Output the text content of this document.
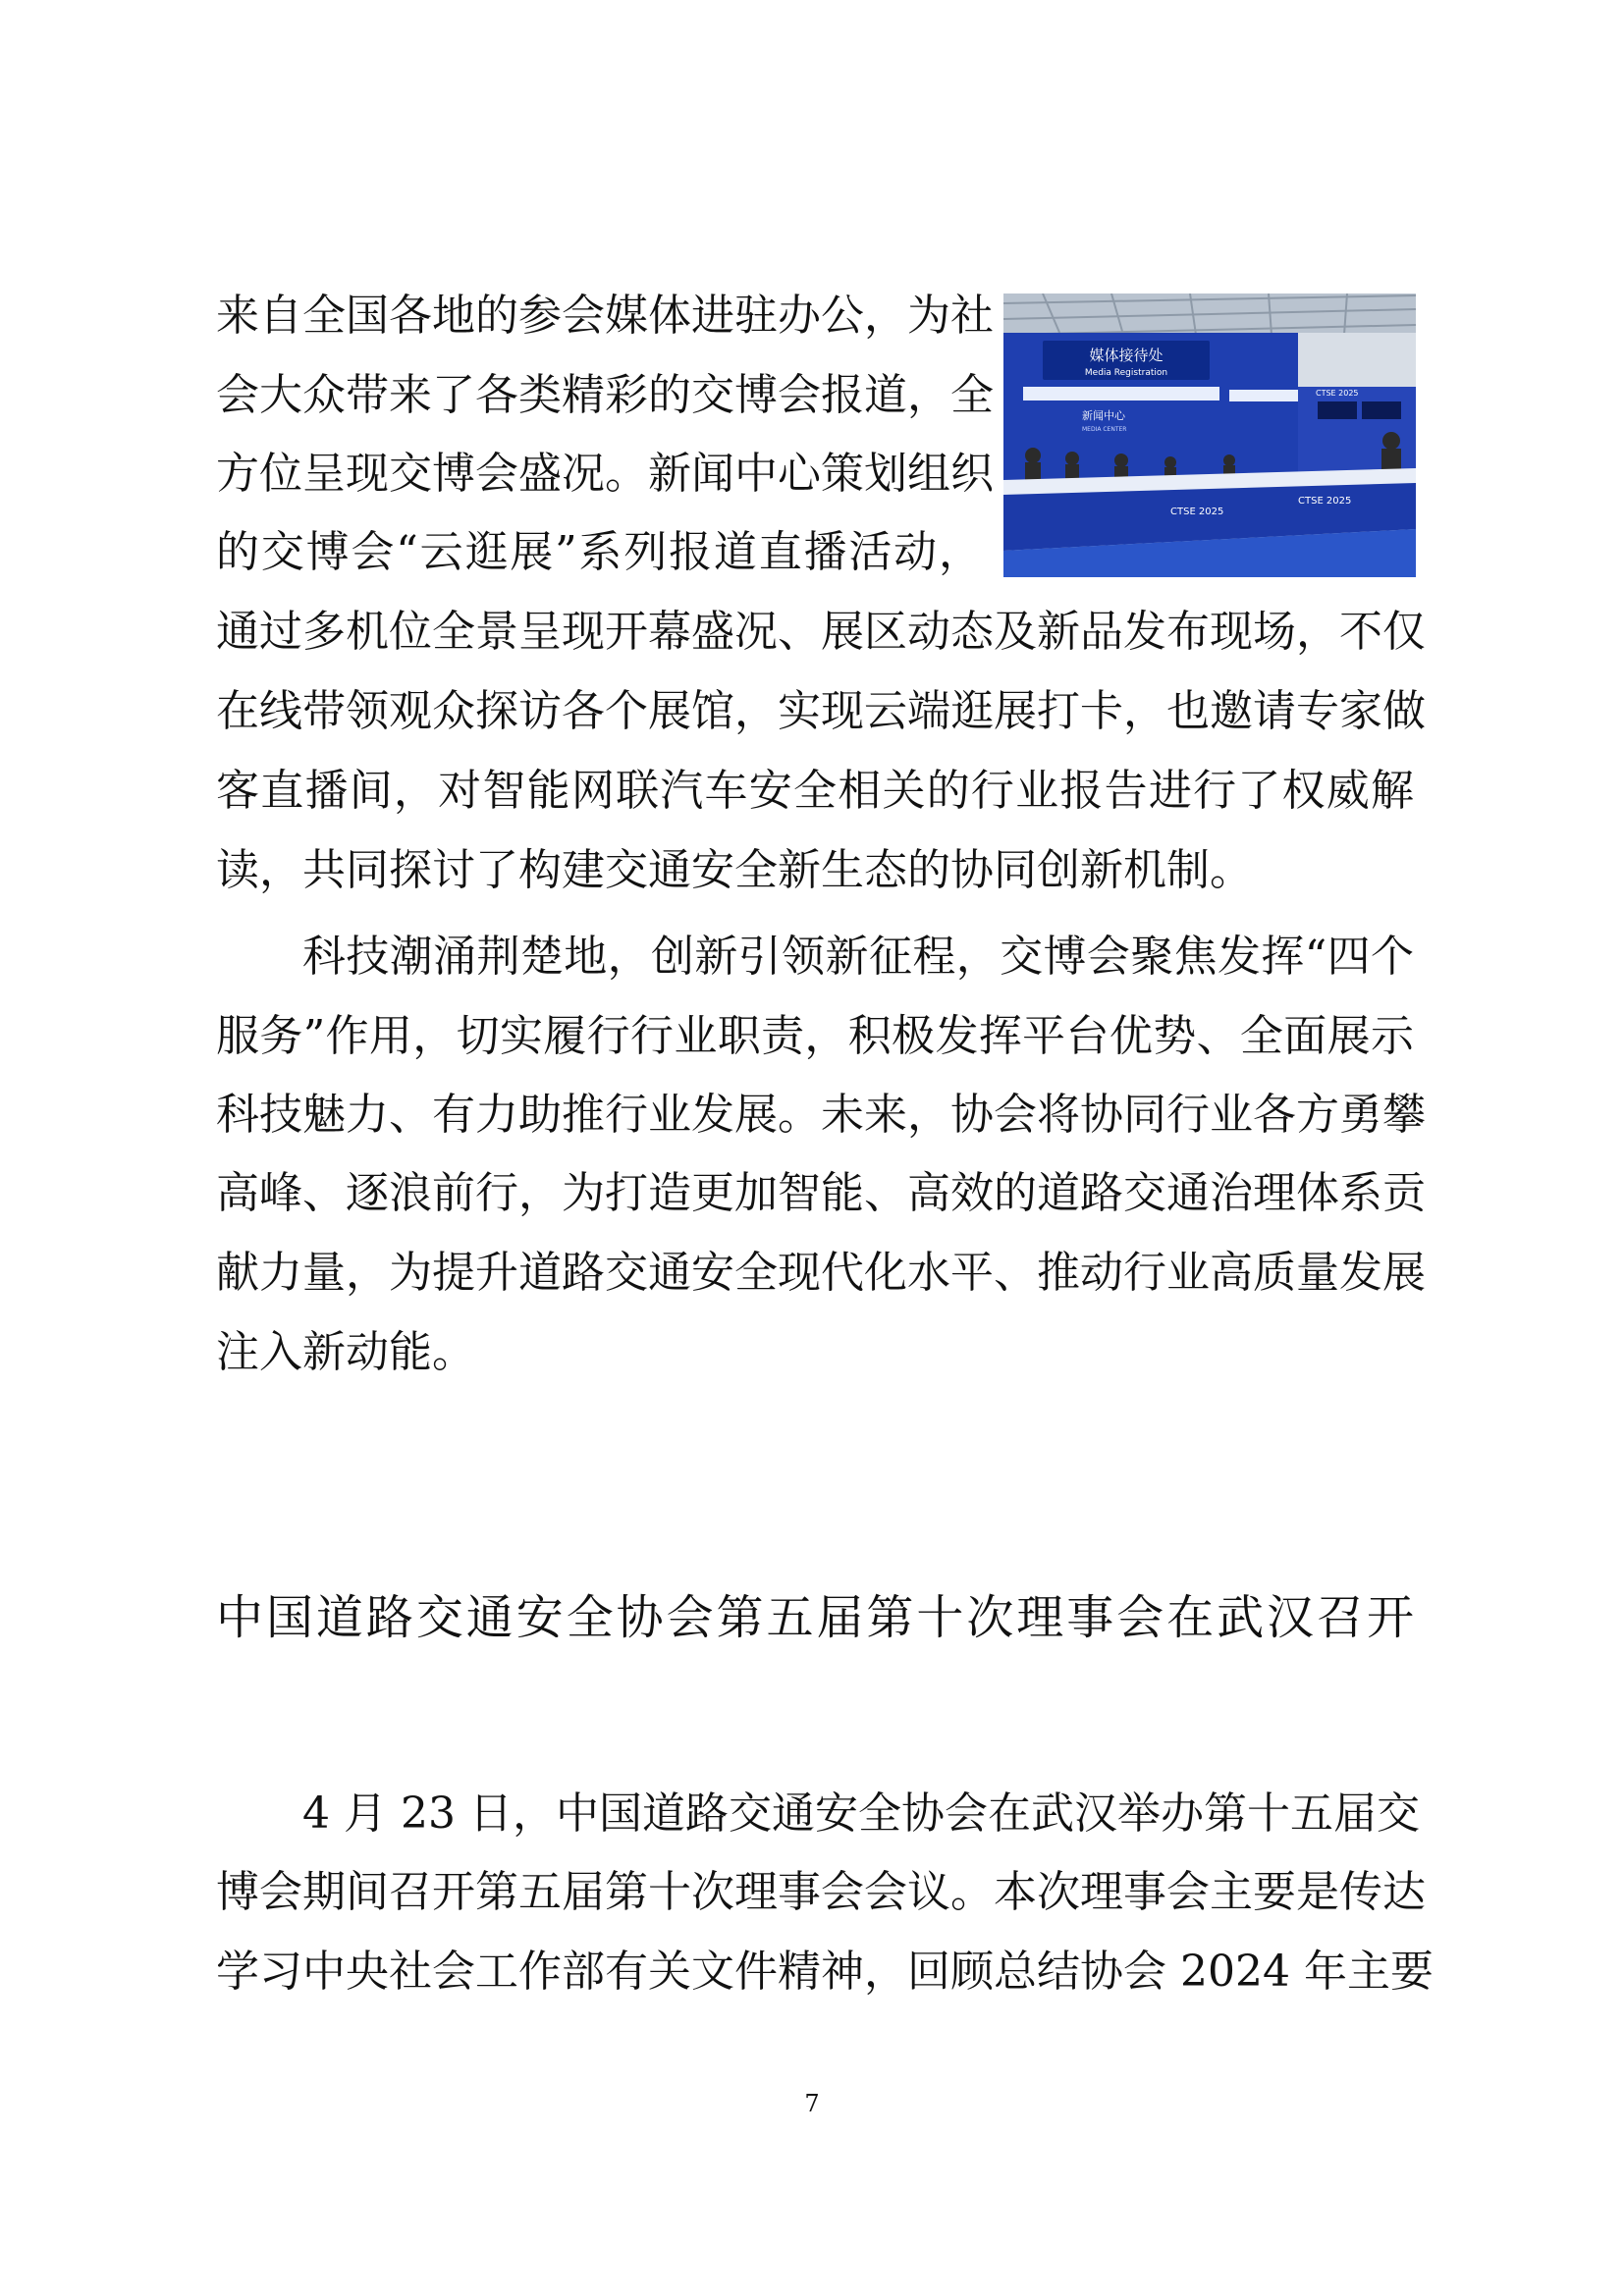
来自全国各地的参会媒体进驻办公，为社
会大众带来了各类精彩的交博会报道，全
方位呈现交博会盛况。新闻中心策划组织
的交博会“云逛展”系列报道直播活动，
通过多机位全景呈现开幕盛况、展区动态及新品发布现场，不仅
在线带领观众探访各个展馆，实现云端逛展打卡，也邀请专家做
客直播间，对智能网联汽车安全相关的行业报告进行了权威解
读，共同探讨了构建交通安全新生态的协同创新机制。
科技潮涌荆楚地，创新引领新征程，交博会聚焦发挥“四个
服务”作用，切实履行行业职责，积极发挥平台优势、全面展示
科技魅力、有力助推行业发展。未来，协会将协同行业各方勇攀
高峰、逐浪前行，为打造更加智能、高效的道路交通治理体系贡
献力量，为提升道路交通安全现代化水平、推动行业高质量发展
注入新动能。
媒体接待处
Media Registration
新闻中心
MEDIA CENTER
CTSE 2025
CTSE 2025
CTSE 2025
中国道路交通安全协会第五届第十次理事会在武汉召开
4 月 23 日，中国道路交通安全协会在武汉举办第十五届交
博会期间召开第五届第十次理事会会议。本次理事会主要是传达
学习中央社会工作部有关文件精神，回顾总结协会 2024 年主要
7
